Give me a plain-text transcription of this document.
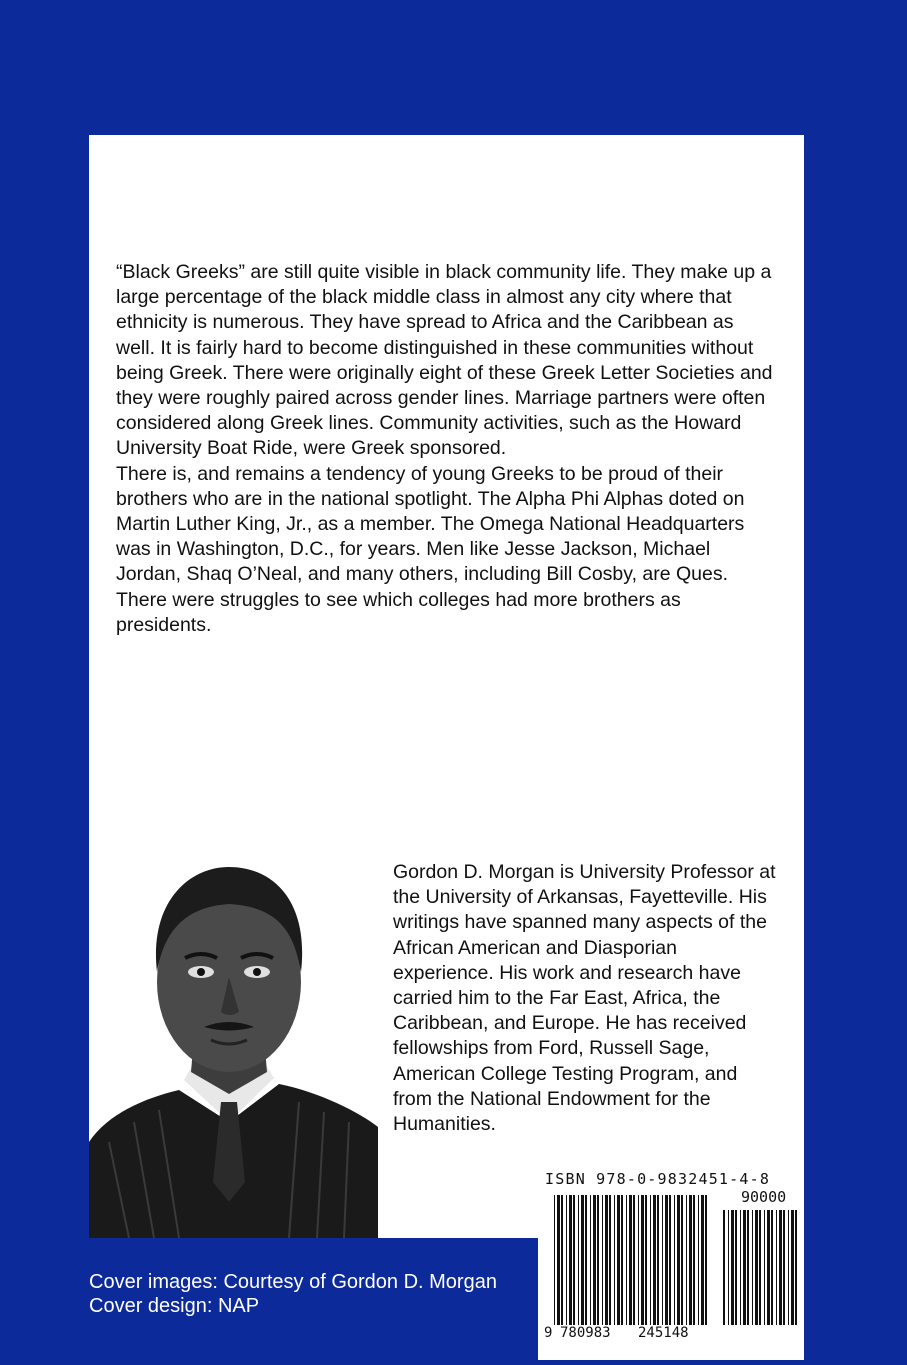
“Black Greeks” are still quite visible in black community life. They make up a large percentage of the black middle class in almost any city where that ethnicity is numerous. They have spread to Africa and the Caribbean as well. It is fairly hard to become distinguished in these communities without being Greek. There were originally eight of these Greek Letter Societies and they were roughly paired across gender lines. Marriage partners were often considered along Greek lines. Community activities, such as the Howard University Boat Ride, were Greek sponsored.

There is, and remains a tendency of young Greeks to be proud of their brothers who are in the national spotlight. The Alpha Phi Alphas doted on Martin Luther King, Jr., as a member. The Omega National Headquarters was in Washington, D.C., for years. Men like Jesse Jackson, Michael Jordan, Shaq O’Neal, and many others, including Bill Cosby, are Ques. There were struggles to see which colleges had more brothers as presidents.

Gordon D. Morgan is University Professor at the University of Arkansas, Fayetteville. His writings have spanned many aspects of the African American and Diasporian experience. His work and research have carried him to the Far East, Africa, the Caribbean, and Europe. He has received fellowships from Ford, Russell Sage, American College Testing Program, and from the National Endowment for the Humanities.
9 780983 245148
90000
ISBN 978-0-9832451-4-8
Cover images: Courtesy of Gordon D. Morgan
Cover design: NAP
